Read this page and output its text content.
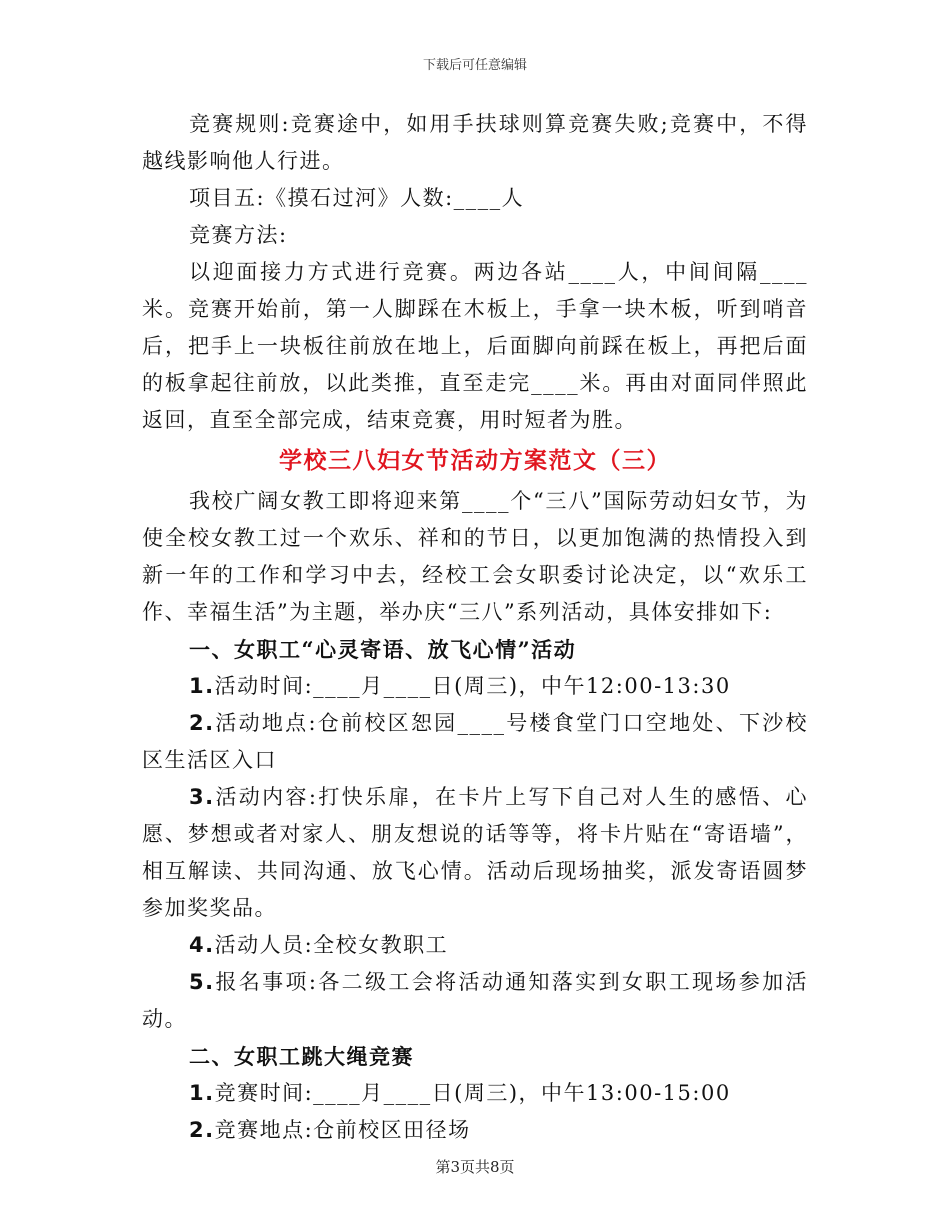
下载后可任意编辑

竞赛规则:竞赛途中，如用手扶球则算竞赛失败;竞赛中，不得越线影响他人行进。

项目五:《摸石过河》人数:____人

竞赛方法:

以迎面接力方式进行竞赛。两边各站____人，中间间隔____米。竞赛开始前，第一人脚踩在木板上，手拿一块木板，听到哨音后，把手上一块板往前放在地上，后面脚向前踩在板上，再把后面的板拿起往前放，以此类推，直至走完____米。再由对面同伴照此返回，直至全部完成，结束竞赛，用时短者为胜。

学校三八妇女节活动方案范文（三）

我校广阔女教工即将迎来第____个“三八”国际劳动妇女节，为使全校女教工过一个欢乐、祥和的节日，以更加饱满的热情投入到新一年的工作和学习中去，经校工会女职委讨论决定，以“欢乐工作、幸福生活”为主题，举办庆“三八”系列活动，具体安排如下:

一、女职工“心灵寄语、放飞心情”活动

1.活动时间:____月____日(周三)，中午12:00-13:30

2.活动地点:仓前校区恕园____号楼食堂门口空地处、下沙校区生活区入口

3.活动内容:打快乐扉，在卡片上写下自己对人生的感悟、心愿、梦想或者对家人、朋友想说的话等等，将卡片贴在“寄语墙”，相互解读、共同沟通、放飞心情。活动后现场抽奖，派发寄语圆梦参加奖奖品。

4.活动人员:全校女教职工

5.报名事项:各二级工会将活动通知落实到女职工现场参加活动。

二、女职工跳大绳竞赛

1.竞赛时间:____月____日(周三)，中午13:00-15:00

2.竞赛地点:仓前校区田径场

第3页共8页
